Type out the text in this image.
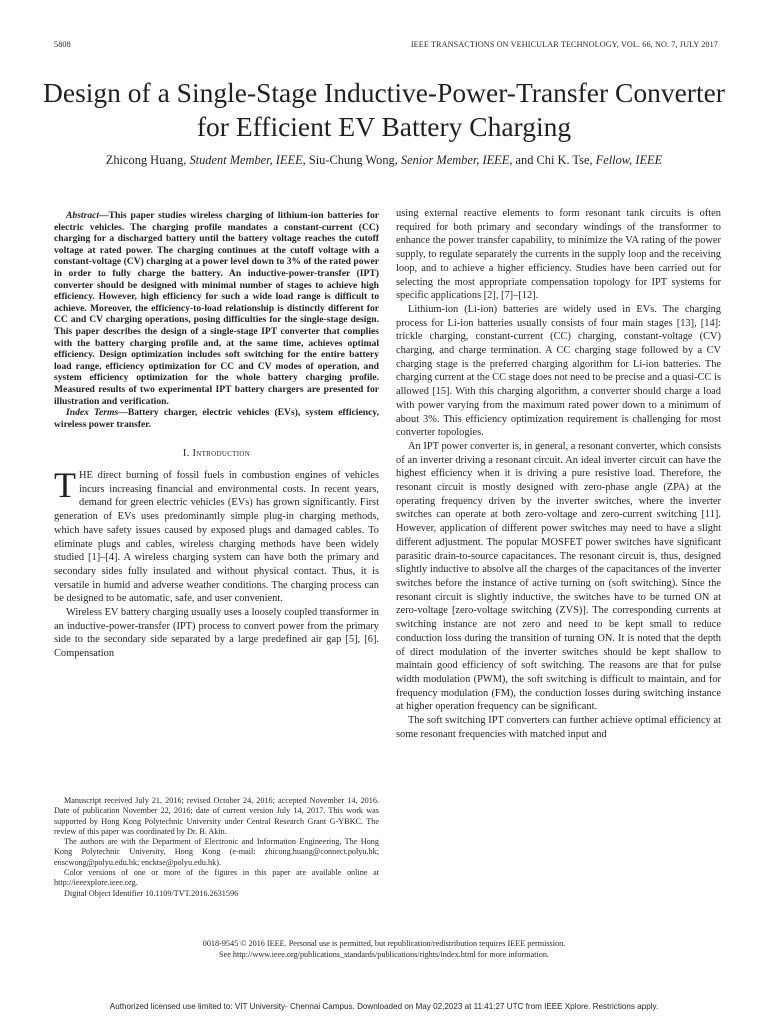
5808	IEEE TRANSACTIONS ON VEHICULAR TECHNOLOGY, VOL. 66, NO. 7, JULY 2017
Design of a Single-Stage Inductive-Power-Transfer Converter for Efficient EV Battery Charging
Zhicong Huang, Student Member, IEEE, Siu-Chung Wong, Senior Member, IEEE, and Chi K. Tse, Fellow, IEEE

Abstract—This paper studies wireless charging of lithium-ion batteries for electric vehicles. The charging profile mandates a constant-current (CC) charging for a discharged battery until the battery voltage reaches the cutoff voltage at rated power. The charging continues at the cutoff voltage with a constant-voltage (CV) charging at a power level down to 3% of the rated power in order to fully charge the battery. An inductive-power-transfer (IPT) converter should be designed with minimal number of stages to achieve high efficiency. However, high efficiency for such a wide load range is difficult to achieve. Moreover, the efficiency-to-load relationship is distinctly different for CC and CV charging operations, posing difficulties for the single-stage design. This paper describes the design of a single-stage IPT converter that complies with the battery charging profile and, at the same time, achieves optimal efficiency. Design optimization includes soft switching for the entire battery load range, efficiency optimization for CC and CV modes of operation, and system efficiency optimization for the whole battery charging profile. Measured results of two experimental IPT battery chargers are presented for illustration and verification.

Index Terms—Battery charger, electric vehicles (EVs), system efficiency, wireless power transfer.

I. Introduction

THE direct burning of fossil fuels in combustion engines of vehicles incurs increasing financial and environmental costs. In recent years, demand for green electric vehicles (EVs) has grown significantly. First generation of EVs uses predominantly simple plug-in charging methods, which have safety issues caused by exposed plugs and damaged cables. To eliminate plugs and cables, wireless charging methods have been widely studied [1]–[4]. A wireless charging system can have both the primary and secondary sides fully insulated and without physical contact. Thus, it is versatile in humid and adverse weather conditions. The charging process can be designed to be automatic, safe, and user convenient.

Wireless EV battery charging usually uses a loosely coupled transformer in an inductive-power-transfer (IPT) process to convert power from the primary side to the secondary side separated by a large predefined air gap [5], [6]. Compensation

Manuscript received July 21, 2016; revised October 24, 2016; accepted November 14, 2016. Date of publication November 22, 2016; date of current version July 14, 2017. This work was supported by Hong Kong Polytechnic University under Central Research Grant G-YBKC. The review of this paper was coordinated by Dr. B. Akin.

The authors are with the Department of Electronic and Information Engineering, The Hong Kong Polytechnic University, Hong Kong (e-mail: zhicong.huang@connect.polyu.hk; enscwong@polyu.edu.hk; encktse@polyu.edu.hk).

Color versions of one or more of the figures in this paper are available online at http://ieeexplore.ieee.org.

Digital Object Identifier 10.1109/TVT.2016.2631596

using external reactive elements to form resonant tank circuits is often required for both primary and secondary windings of the transformer to enhance the power transfer capability, to minimize the VA rating of the power supply, to regulate separately the currents in the supply loop and the receiving loop, and to achieve a higher efficiency. Studies have been carried out for selecting the most appropriate compensation topology for IPT systems for specific applications [2], [7]–[12].

Lithium-ion (Li-ion) batteries are widely used in EVs. The charging process for Li-ion batteries usually consists of four main stages [13], [14]: trickle charging, constant-current (CC) charging, constant-voltage (CV) charging, and charge termination. A CC charging stage followed by a CV charging stage is the preferred charging algorithm for Li-ion batteries. The charging current at the CC stage does not need to be precise and a quasi-CC is allowed [15]. With this charging algorithm, a converter should charge a load with power varying from the maximum rated power down to a minimum of about 3%. This efficiency optimization requirement is challenging for most converter topologies.

An IPT power converter is, in general, a resonant converter, which consists of an inverter driving a resonant circuit. An ideal inverter circuit can have the highest efficiency when it is driving a pure resistive load. Therefore, the resonant circuit is mostly designed with zero-phase angle (ZPA) at the operating frequency driven by the inverter switches, where the inverter switches can operate at both zero-voltage and zero-current switching [11]. However, application of different power switches may need to have a slight different adjustment. The popular MOSFET power switches have significant parasitic drain-to-source capacitances. The resonant circuit is, thus, designed slightly inductive to absolve all the charges of the capacitances of the inverter switches before the instance of active turning on (soft switching). Since the resonant circuit is slightly inductive, the switches have to be turned ON at zero-voltage [zero-voltage switching (ZVS)]. The corresponding currents at switching instance are not zero and need to be kept small to reduce conduction loss during the transition of turning ON. It is noted that the depth of direct modulation of the inverter switches should be kept shallow to maintain good efficiency of soft switching. The reasons are that for pulse width modulation (PWM), the soft switching is difficult to maintain, and for frequency modulation (FM), the conduction losses during switching instance at higher operation frequency can be significant.

The soft switching IPT converters can further achieve optimal efficiency at some resonant frequencies with matched input and

0018-9545 © 2016 IEEE. Personal use is permitted, but republication/redistribution requires IEEE permission.
See http://www.ieee.org/publications_standards/publications/rights/index.html for more information.
Authorized licensed use limited to: VIT University- Chennai Campus. Downloaded on May 02,2023 at 11:41:27 UTC from IEEE Xplore. Restrictions apply.
